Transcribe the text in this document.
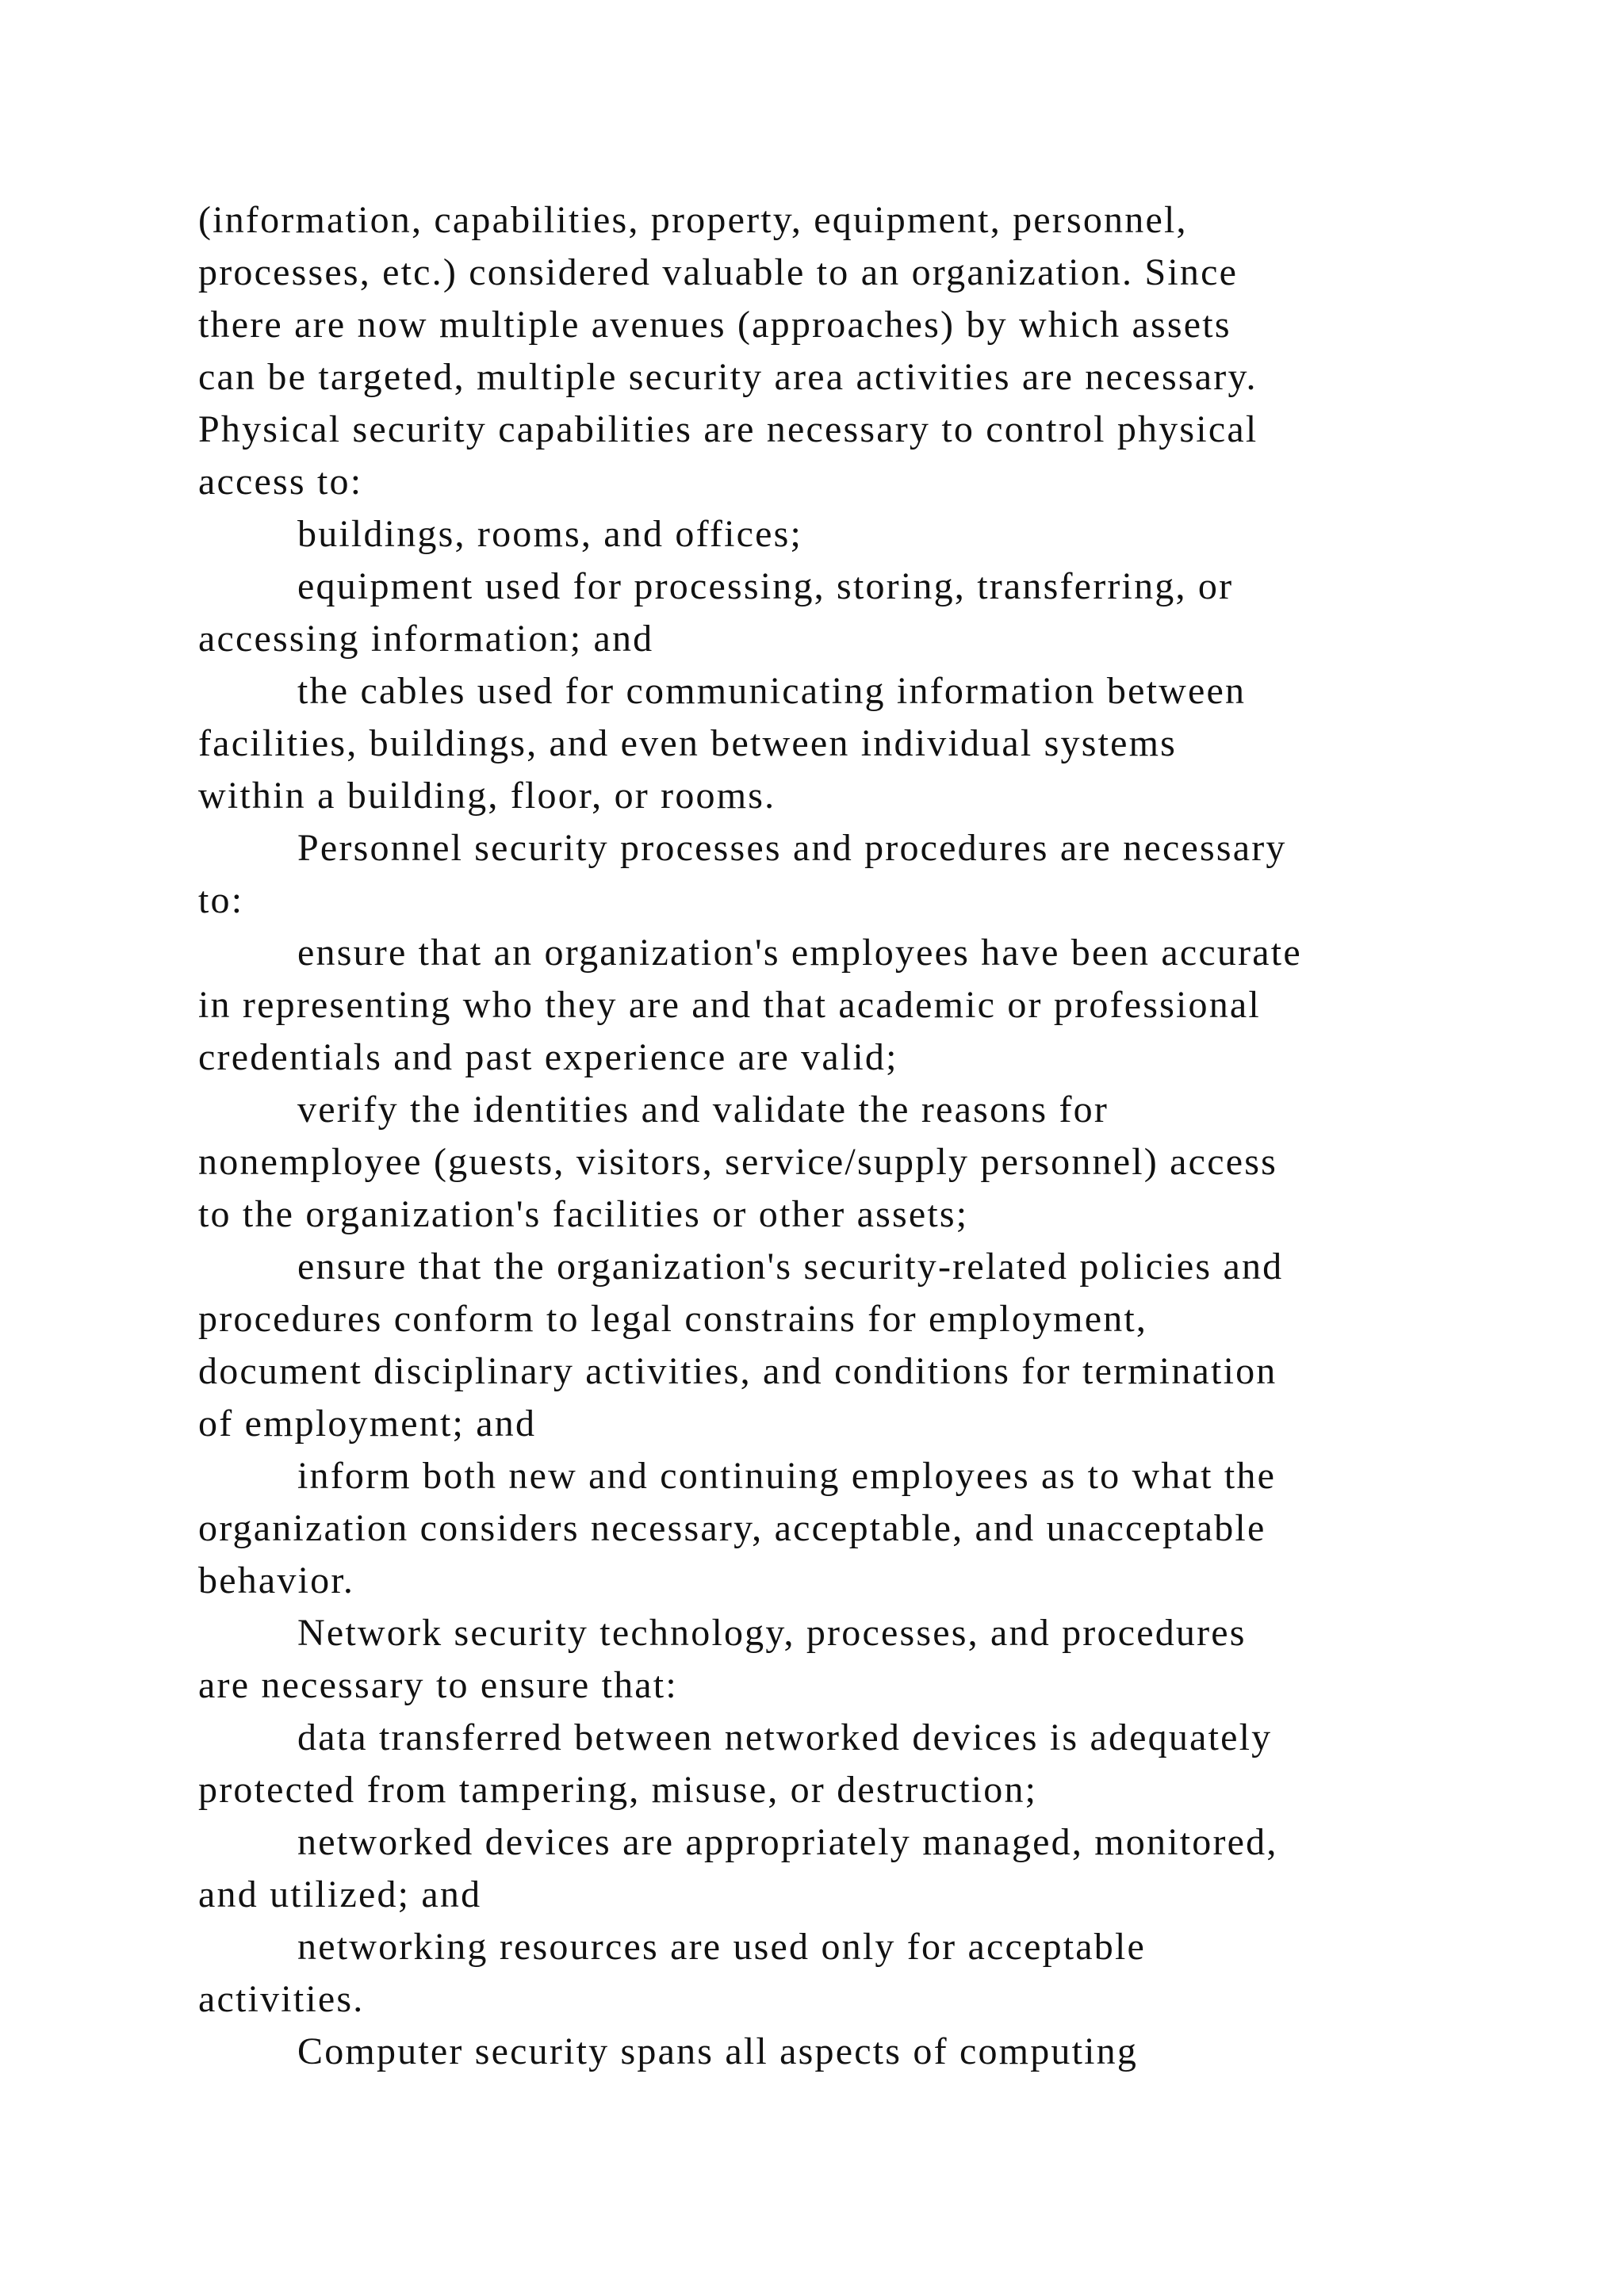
(information, capabilities, property, equipment, personnel,
processes, etc.) considered valuable to an organization. Since
there are now multiple avenues (approaches) by which assets
can be targeted, multiple security area activities are necessary.
Physical security capabilities are necessary to control physical
access to:
buildings, rooms, and offices;
equipment used for processing, storing, transferring, or
accessing information; and
the cables used for communicating information between
facilities, buildings, and even between individual systems
within a building, floor, or rooms.
Personnel security processes and procedures are necessary
to:
ensure that an organization's employees have been accurate
in representing who they are and that academic or professional
credentials and past experience are valid;
verify the identities and validate the reasons for
nonemployee (guests, visitors, service/supply personnel) access
to the organization's facilities or other assets;
ensure that the organization's security-related policies and
procedures conform to legal constrains for employment,
document disciplinary activities, and conditions for termination
of employment; and
inform both new and continuing employees as to what the
organization considers necessary, acceptable, and unacceptable
behavior.
Network security technology, processes, and procedures
are necessary to ensure that:
data transferred between networked devices is adequately
protected from tampering, misuse, or destruction;
networked devices are appropriately managed, monitored,
and utilized; and
networking resources are used only for acceptable
activities.
Computer security spans all aspects of computing
